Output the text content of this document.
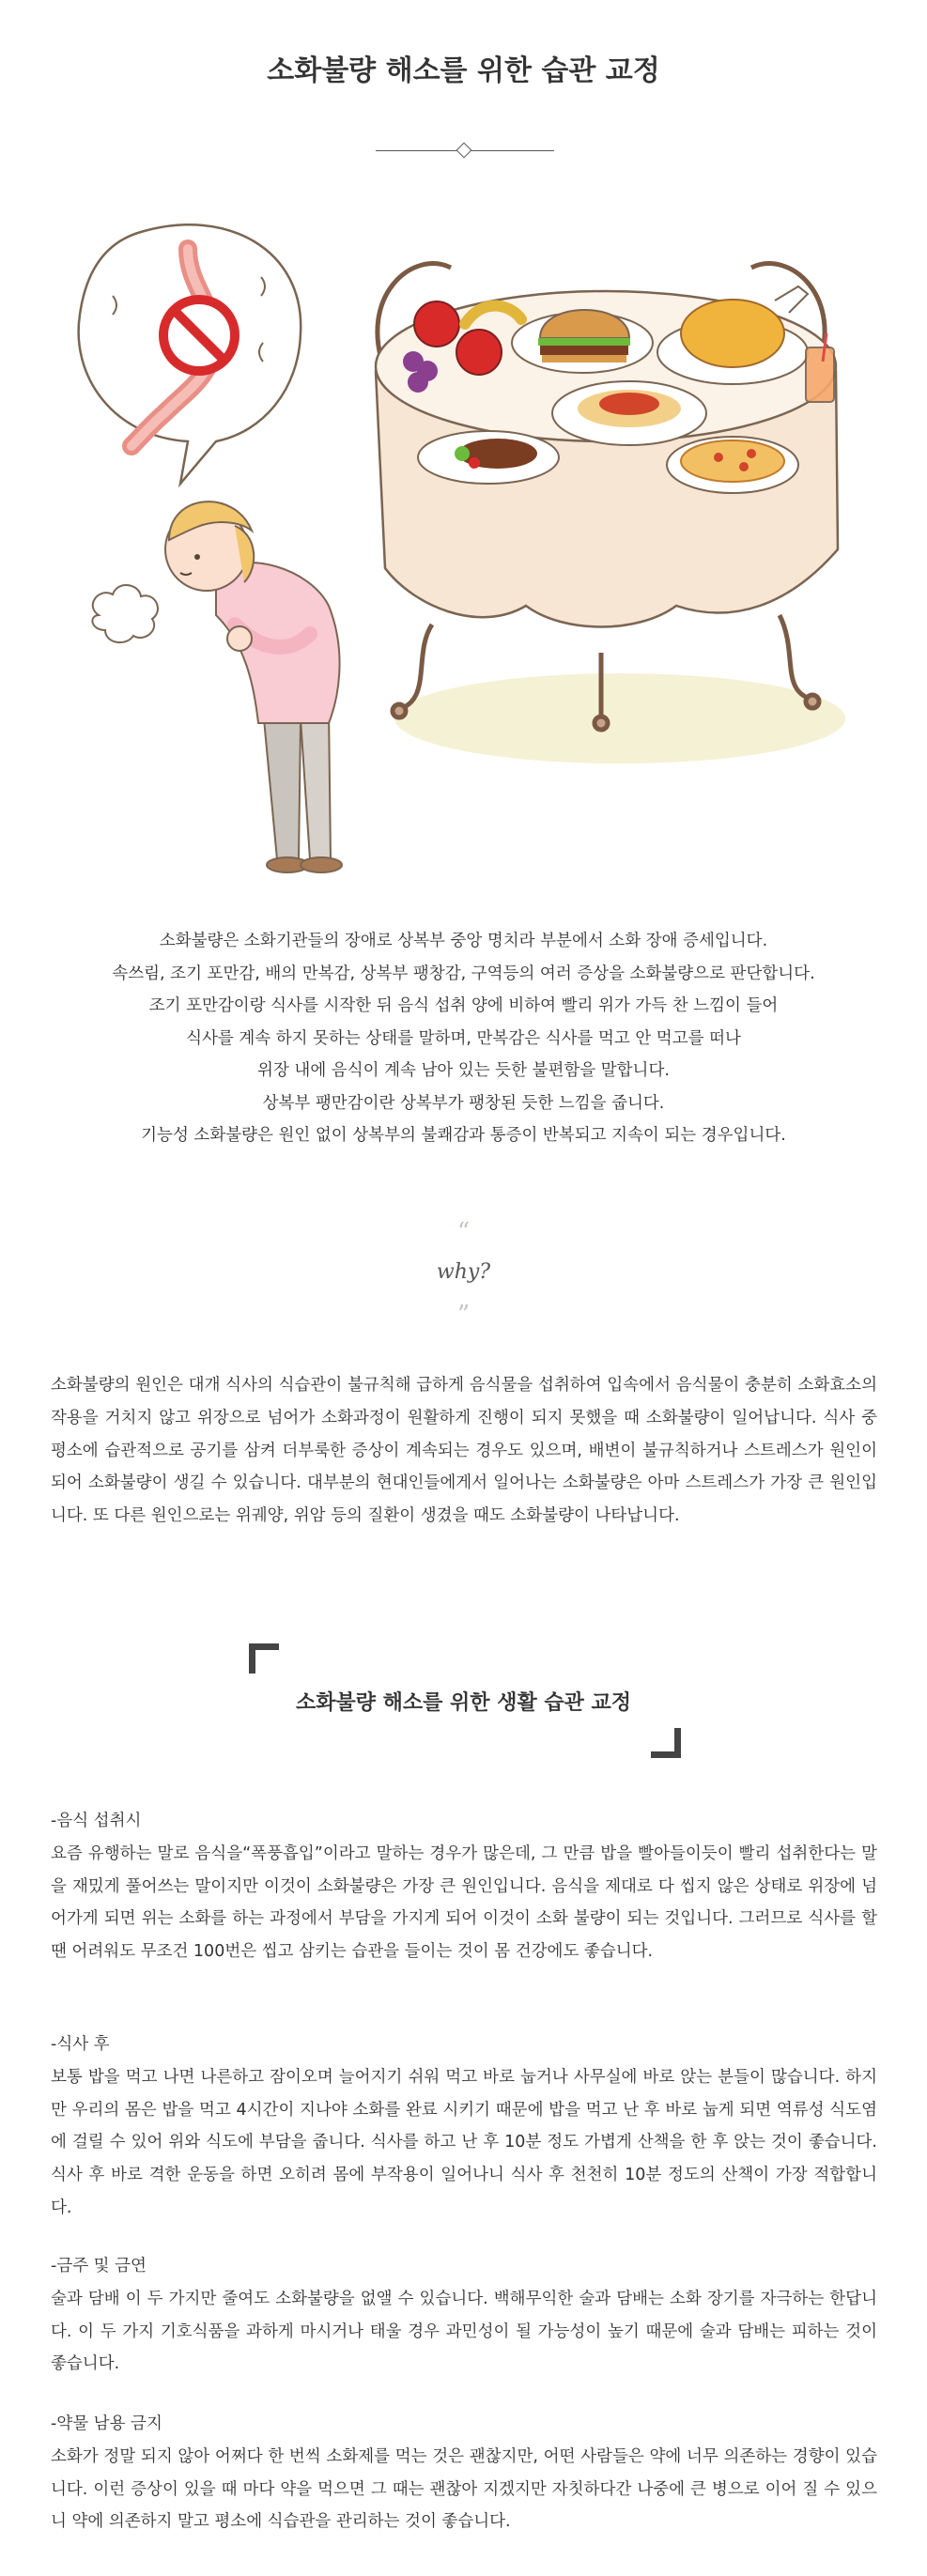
소화불량 해소를 위한 습관 교정

소화불량은 소화기관들의 장애로 상복부 중앙 명치라 부분에서 소화 장애 증세입니다.

속쓰림, 조기 포만감, 배의 만복감, 상복부 팽창감, 구역등의 여러 증상을 소화불량으로 판단합니다.

조기 포만감이랑 식사를 시작한 뒤 음식 섭취 양에 비하여 빨리 위가 가득 찬 느낌이 들어

식사를 계속 하지 못하는 상태를 말하며, 만복감은 식사를 먹고 안 먹고를 떠나

위장 내에 음식이 계속 남아 있는 듯한 불편함을 말합니다.

상복부 팽만감이란 상복부가 팽창된 듯한 느낌을 줍니다.

기능성 소화불량은 원인 없이 상복부의 불쾌감과 통증이 반복되고 지속이 되는 경우입니다.

“
why?
”

소화불량의 원인은 대개 식사의 식습관이 불규칙해 급하게 음식물을 섭취하여 입속에서 음식물이 충분히 소화효소의 작용을 거치지 않고 위장으로 넘어가 소화과정이 원활하게 진행이 되지 못했을 때 소화불량이 일어납니다. 식사 중 평소에 습관적으로 공기를 삼켜 더부룩한 증상이 계속되는 경우도 있으며, 배변이 불규칙하거나 스트레스가 원인이 되어 소화불량이 생길 수 있습니다. 대부분의 현대인들에게서 일어나는 소화불량은 아마 스트레스가 가장 큰 원인입니다. 또 다른 원인으로는 위궤양, 위암 등의 질환이 생겼을 때도 소화불량이 나타납니다.

소화불량 해소를 위한 생활 습관 교정
-음식 섭취시

요즘 유행하는 말로 음식을“폭풍흡입”이라고 말하는 경우가 많은데, 그 만큼 밥을 빨아들이듯이 빨리 섭취한다는 말을 재밌게 풀어쓰는 말이지만 이것이 소화불량은 가장 큰 원인입니다. 음식을 제대로 다 씹지 않은 상태로 위장에 넘어가게 되면 위는 소화를 하는 과정에서 부담을 가지게 되어 이것이 소화 불량이 되는 것입니다. 그러므로 식사를 할 땐 어려워도 무조건 100번은 씹고 삼키는 습관을 들이는 것이 몸 건강에도 좋습니다.

-식사 후

보통 밥을 먹고 나면 나른하고 잠이오며 늘어지기 쉬워 먹고 바로 눕거나 사무실에 바로 앉는 분들이 많습니다. 하지만 우리의 몸은 밥을 먹고 4시간이 지나야 소화를 완료 시키기 때문에 밥을 먹고 난 후 바로 눕게 되면 역류성 식도염에 걸릴 수 있어 위와 식도에 부담을 줍니다. 식사를 하고 난 후 10분 정도 가볍게 산책을 한 후 앉는 것이 좋습니다. 식사 후 바로 격한 운동을 하면 오히려 몸에 부작용이 일어나니 식사 후 천천히 10분 정도의 산책이 가장 적합합니다.

-금주 및 금연

술과 담배 이 두 가지만 줄여도 소화불량을 없앨 수 있습니다. 백해무익한 술과 담배는 소화 장기를 자극하는 한답니다. 이 두 가지 기호식품을 과하게 마시거나 태울 경우 과민성이 될 가능성이 높기 때문에 술과 담배는 피하는 것이 좋습니다.

-약물 남용 금지

소화가 정말 되지 않아 어쩌다 한 번씩 소화제를 먹는 것은 괜찮지만, 어떤 사람들은 약에 너무 의존하는 경향이 있습니다. 이런 증상이 있을 때 마다 약을 먹으면 그 때는 괜찮아 지겠지만 자칫하다간 나중에 큰 병으로 이어 질 수 있으니 약에 의존하지 말고 평소에 식습관을 관리하는 것이 좋습니다.
